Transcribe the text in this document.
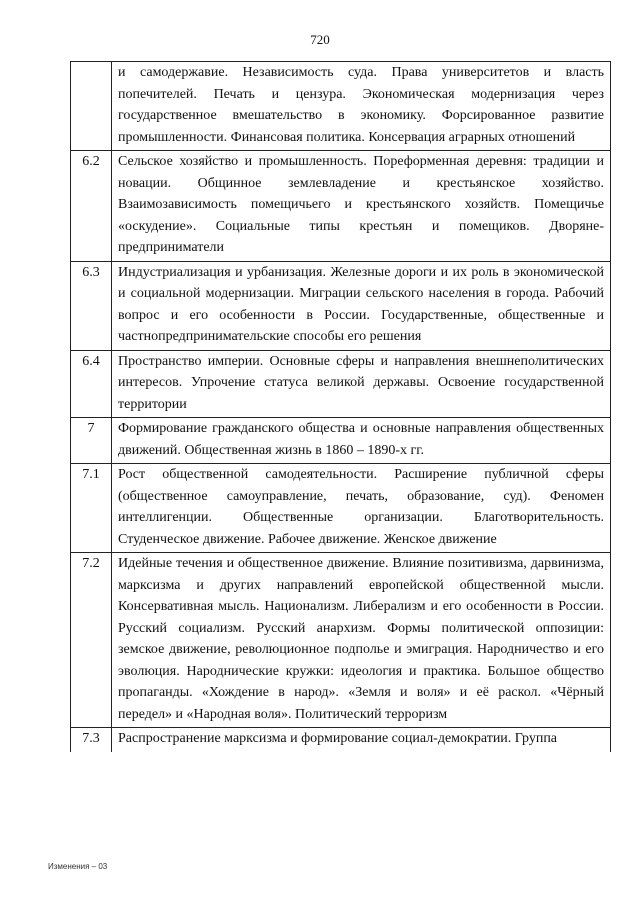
720
	и самодержавие. Независимость суда. Права университетов и власть попечителей. Печать и цензура. Экономическая модернизация через государственное вмешательство в экономику. Форсированное развитие промышленности. Финансовая политика. Консервация аграрных отношений
6.2	Сельское хозяйство и промышленность. Пореформенная деревня: традиции и новации. Общинное землевладение и крестьянское хозяйство. Взаимозависимость помещичьего и крестьянского хозяйств. Помещичье «оскудение». Социальные типы крестьян и помещиков. Дворяне-предприниматели
6.3	Индустриализация и урбанизация. Железные дороги и их роль в экономической и социальной модернизации. Миграции сельского населения в города. Рабочий вопрос и его особенности в России. Государственные, общественные и частнопредпринимательские способы его решения
6.4	Пространство империи. Основные сферы и направления внешнеполитических интересов. Упрочение статуса великой державы. Освоение государственной территории
7	Формирование гражданского общества и основные направления общественных движений. Общественная жизнь в 1860 – 1890-х гг.
7.1	Рост общественной самодеятельности. Расширение публичной сферы (общественное самоуправление, печать, образование, суд). Феномен интеллигенции. Общественные организации. Благотворительность. Студенческое движение. Рабочее движение. Женское движение
7.2	Идейные течения и общественное движение. Влияние позитивизма, дарвинизма, марксизма и других направлений европейской общественной мысли. Консервативная мысль. Национализм. Либерализм и его особенности в России. Русский социализм. Русский анархизм. Формы политической оппозиции: земское движение, революционное подполье и эмиграция. Народничество и его эволюция. Народнические кружки: идеология и практика. Большое общество пропаганды. «Хождение в народ». «Земля и воля» и её раскол. «Чёрный передел» и «Народная воля». Политический терроризм
7.3	Распространение марксизма и формирование социал-демократии. Группа
Изменения – 03
